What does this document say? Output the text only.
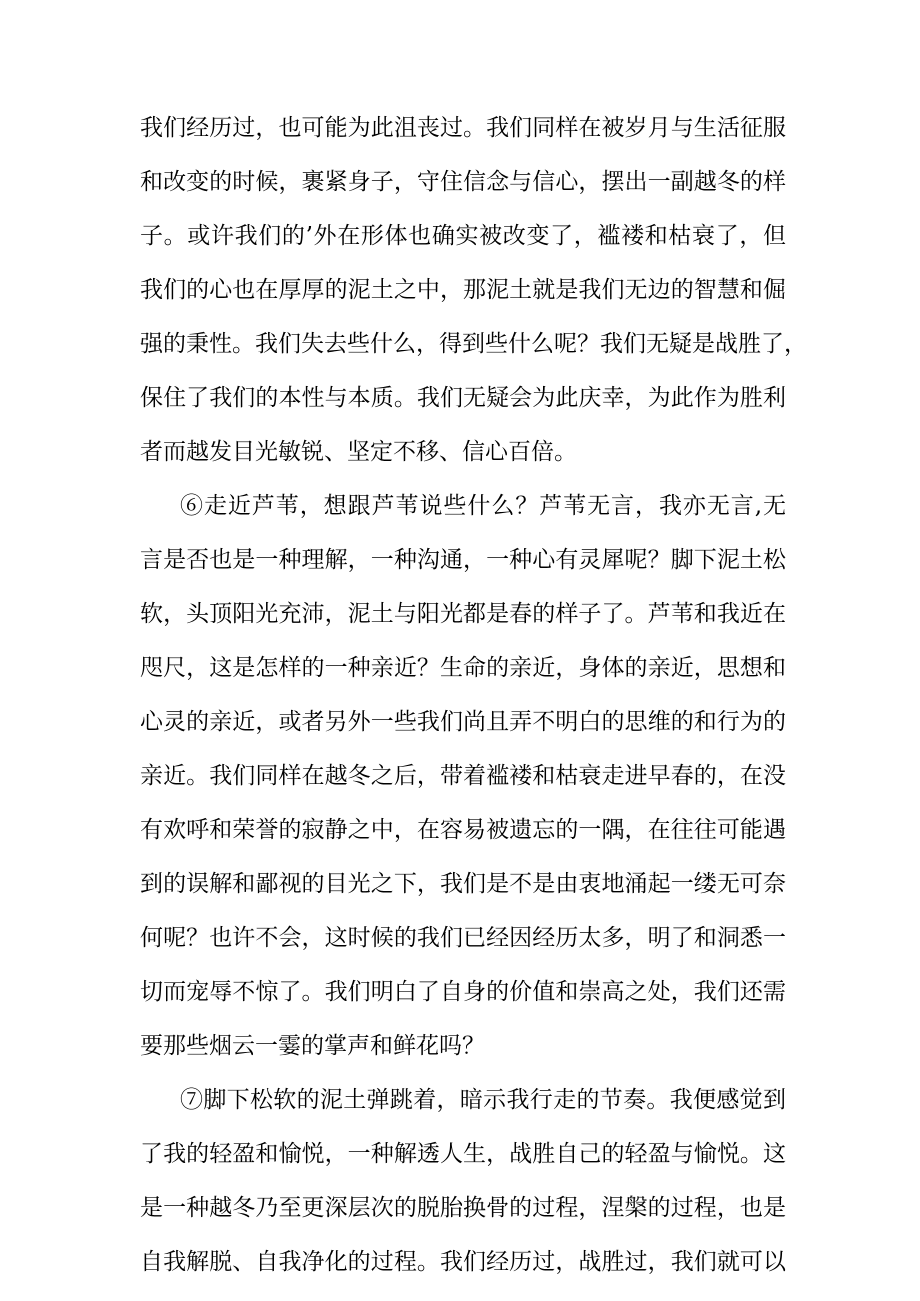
我们经历过，也可能为此沮丧过。我们同样在被岁月与生活征服
和改变的时候，裹紧身子，守住信念与信心，摆出一副越冬的样
子。或许我们的’外在形体也确实被改变了，褴褛和枯衰了，但
我们的心也在厚厚的泥土之中，那泥土就是我们无边的智慧和倔
强的秉性。我们失去些什么，得到些什么呢？我们无疑是战胜了，
保住了我们的本性与本质。我们无疑会为此庆幸，为此作为胜利
者而越发目光敏锐、坚定不移、信心百倍。
⑥走近芦苇，想跟芦苇说些什么？芦苇无言，我亦无言,无
言是否也是一种理解，一种沟通，一种心有灵犀呢？脚下泥土松
软，头顶阳光充沛，泥土与阳光都是春的样子了。芦苇和我近在
咫尺，这是怎样的一种亲近？生命的亲近，身体的亲近，思想和
心灵的亲近，或者另外一些我们尚且弄不明白的思维的和行为的
亲近。我们同样在越冬之后，带着褴褛和枯衰走进早春的，在没
有欢呼和荣誉的寂静之中，在容易被遗忘的一隅，在往往可能遇
到的误解和鄙视的目光之下，我们是不是由衷地涌起一缕无可奈
何呢？也许不会，这时候的我们已经因经历太多，明了和洞悉一
切而宠辱不惊了。我们明白了自身的价值和崇高之处，我们还需
要那些烟云一霎的掌声和鲜花吗？
⑦脚下松软的泥土弹跳着，暗示我行走的节奏。我便感觉到
了我的轻盈和愉悦，一种解透人生，战胜自己的轻盈与愉悦。这
是一种越冬乃至更深层次的脱胎换骨的过程，涅槃的过程，也是
自我解脱、自我净化的过程。我们经历过，战胜过，我们就可以
